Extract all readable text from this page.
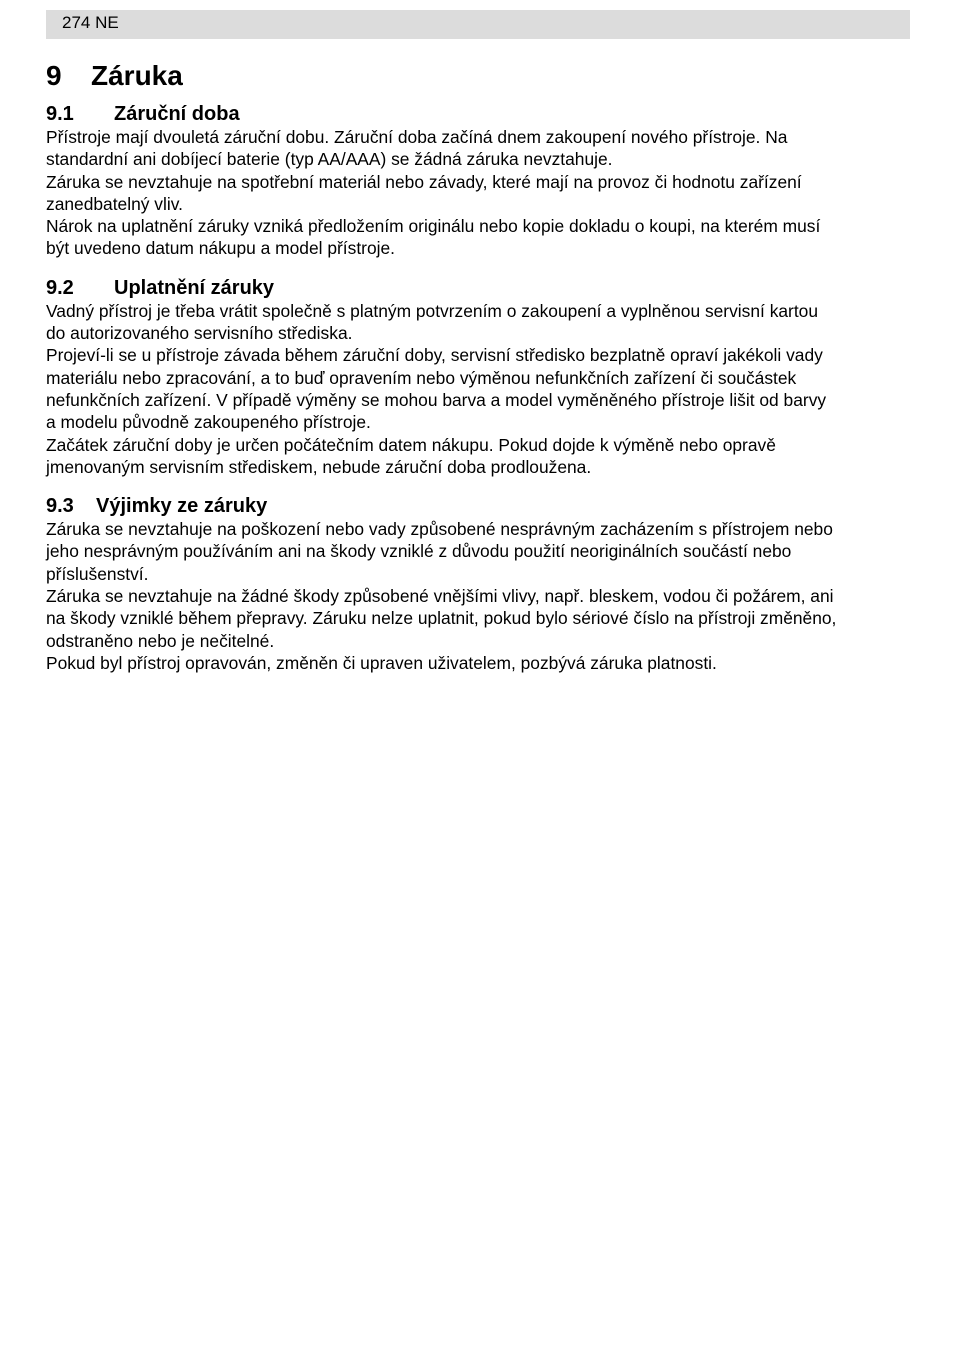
274 NE
9 Záruka
9.1 Záruční doba

Přístroje mají dvouletá záruční dobu. Záruční doba začíná dnem zakoupení nového přístroje. Na
standardní ani dobíjecí baterie (typ AA/AAA) se žádná záruka nevztahuje.

Záruka se nevztahuje na spotřební materiál nebo závady, které mají na provoz či hodnotu zařízení
zanedbatelný vliv.

Nárok na uplatnění záruky vzniká předložením originálu nebo kopie dokladu o koupi, na kterém musí
být uvedeno datum nákupu a model přístroje.

9.2 Uplatnění záruky

Vadný přístroj je třeba vrátit společně s platným potvrzením o zakoupení a vyplněnou servisní kartou
do autorizovaného servisního střediska.

Projeví-li se u přístroje závada během záruční doby, servisní středisko bezplatně opraví jakékoli vady
materiálu nebo zpracování, a to buď opravením nebo výměnou nefunkčních zařízení či součástek
nefunkčních zařízení. V případě výměny se mohou barva a model vyměněného přístroje lišit od barvy
a modelu původně zakoupeného přístroje.

Začátek záruční doby je určen počátečním datem nákupu. Pokud dojde k výměně nebo opravě
jmenovaným servisním střediskem, nebude záruční doba prodloužena.

9.3 Výjimky ze záruky

Záruka se nevztahuje na poškození nebo vady způsobené nesprávným zacházením s přístrojem nebo
jeho nesprávným používáním ani na škody vzniklé z důvodu použití neoriginálních součástí nebo
příslušenství.

Záruka se nevztahuje na žádné škody způsobené vnějšími vlivy, např. bleskem, vodou či požárem, ani
na škody vzniklé během přepravy. Záruku nelze uplatnit, pokud bylo sériové číslo na přístroji změněno,
odstraněno nebo je nečitelné.

Pokud byl přístroj opravován, změněn či upraven uživatelem, pozbývá záruka platnosti.
